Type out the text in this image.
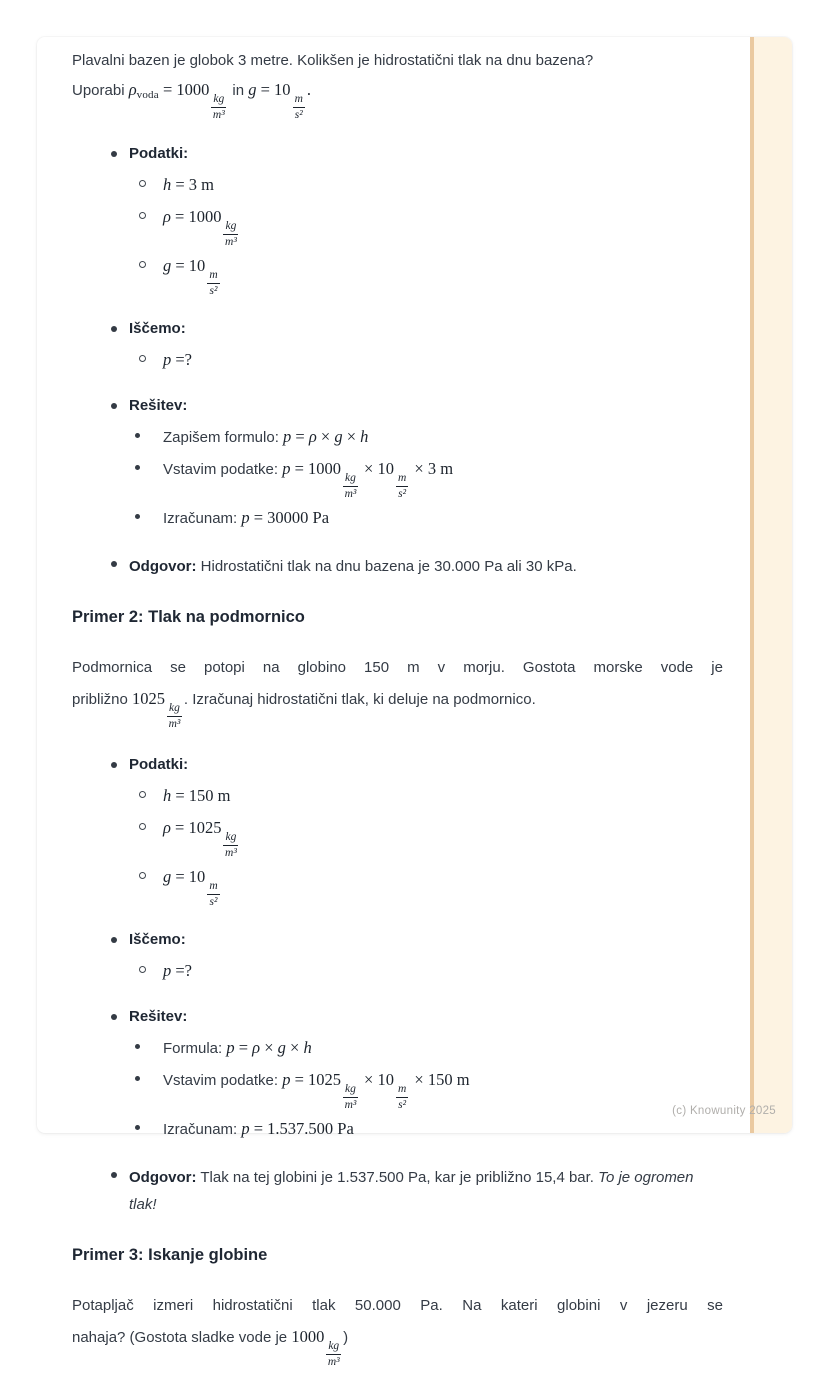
Plavalni bazen je globok 3 metre. Kolikšen je hidrostatični tlak na dnu bazena?
Uporabi ρvoda = 1000
$\frac{kg}{\text{m³}}$
in g = 10
$\frac{m}{\text{s²}}$
.
Podatki:
h = 3 m
ρ = 1000
$\frac{kg}{\text{m³}}$
g = 10
$\frac{m}{\text{s²}}$
Iščemo:
p =?
Rešitev:
Zapišem formulo: p = ρ × g × h
Vstavim podatke: p = 1000
$\frac{kg}{\text{m³}}$
× 10
$\frac{m}{\text{s²}}$
× 3 m
Izračunam: p = 30000 Pa
Odgovor: Hidrostatični tlak na dnu bazena je 30.000 Pa ali 30 kPa.
Primer 2: Tlak na podmornico
Podmornica se potopi na globino 150 m v morju. Gostota morske vode je
približno 1025
$\frac{kg}{\text{m³}}$
. Izračunaj hidrostatični tlak, ki deluje na podmornico.
Podatki:
h = 150 m
ρ = 1025
$\frac{kg}{\text{m³}}$
g = 10
$\frac{m}{\text{s²}}$
Iščemo:
p =?
Rešitev:
Formula: p = ρ × g × h
Vstavim podatke: p = 1025
$\frac{kg}{\text{m³}}$
× 10
$\frac{m}{\text{s²}}$
× 150 m
Izračunam: p = 1.537.500 Pa
Odgovor: Tlak na tej globini je 1.537.500 Pa, kar je približno 15,4 bar. To je ogromen tlak!
Primer 3: Iskanje globine
Potapljač izmeri hidrostatični tlak 50.000 Pa. Na kateri globini v jezeru se
nahaja? (Gostota sladke vode je 1000
$\frac{kg}{\text{m³}}$
)
(c) Knowunity 2025
